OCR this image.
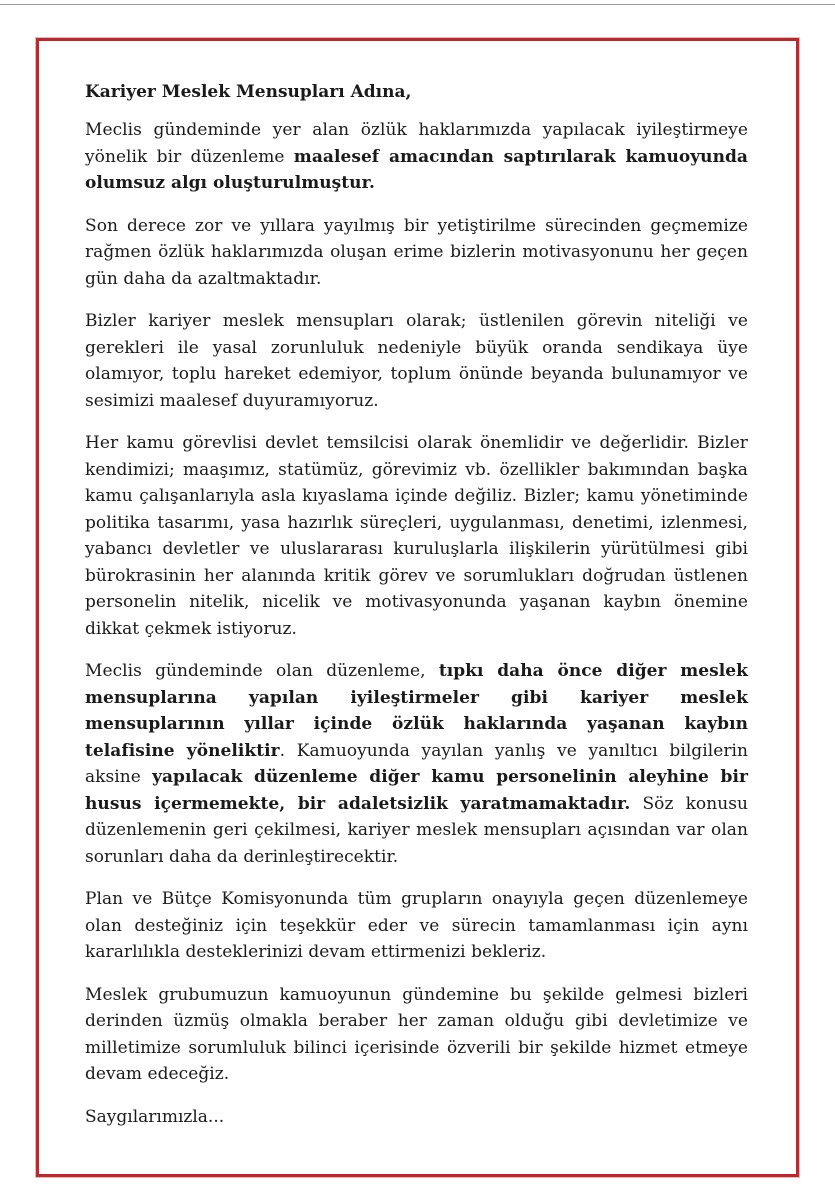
Kariyer Meslek Mensupları Adına,

Meclis gündeminde yer alan özlük haklarımızda yapılacak iyileştirmeye yönelik bir düzenleme maalesef amacından saptırılarak kamuoyunda olumsuz algı oluşturulmuştur.

Son derece zor ve yıllara yayılmış bir yetiştirilme sürecinden geçmemize rağmen özlük haklarımızda oluşan erime bizlerin motivasyonunu her geçen gün daha da azaltmaktadır.

Bizler kariyer meslek mensupları olarak; üstlenilen görevin niteliği ve gerekleri ile yasal zorunluluk nedeniyle büyük oranda sendikaya üye olamıyor, toplu hareket edemiyor, toplum önünde beyanda bulunamıyor ve sesimizi maalesef duyuramıyoruz.

Her kamu görevlisi devlet temsilcisi olarak önemlidir ve değerlidir. Bizler kendimizi; maaşımız, statümüz, görevimiz vb. özellikler bakımından başka kamu çalışanlarıyla asla kıyaslama içinde değiliz. Bizler; kamu yönetiminde politika tasarımı, yasa hazırlık süreçleri, uygulanması, denetimi, izlenmesi, yabancı devletler ve uluslararası kuruluşlarla ilişkilerin yürütülmesi gibi bürokrasinin her alanında kritik görev ve sorumlukları doğrudan üstlenen personelin nitelik, nicelik ve motivasyonunda yaşanan kaybın önemine dikkat çekmek istiyoruz.

Meclis gündeminde olan düzenleme, tıpkı daha önce diğer meslek mensuplarına yapılan iyileştirmeler gibi kariyer meslek mensuplarının yıllar içinde özlük haklarında yaşanan kaybın telafisine yöneliktir. Kamuoyunda yayılan yanlış ve yanıltıcı bilgilerin aksine yapılacak düzenleme diğer kamu personelinin aleyhine bir husus içermemekte, bir adaletsizlik yaratmamaktadır. Söz konusu düzenlemenin geri çekilmesi, kariyer meslek mensupları açısından var olan sorunları daha da derinleştirecektir.

Plan ve Bütçe Komisyonunda tüm grupların onayıyla geçen düzenlemeye olan desteğiniz için teşekkür eder ve sürecin tamamlanması için aynı kararlılıkla desteklerinizi devam ettirmenizi bekleriz.

Meslek grubumuzun kamuoyunun gündemine bu şekilde gelmesi bizleri derinden üzmüş olmakla beraber her zaman olduğu gibi devletimize ve milletimize sorumluluk bilinci içerisinde özverili bir şekilde hizmet etmeye devam edeceğiz.

Saygılarımızla...
